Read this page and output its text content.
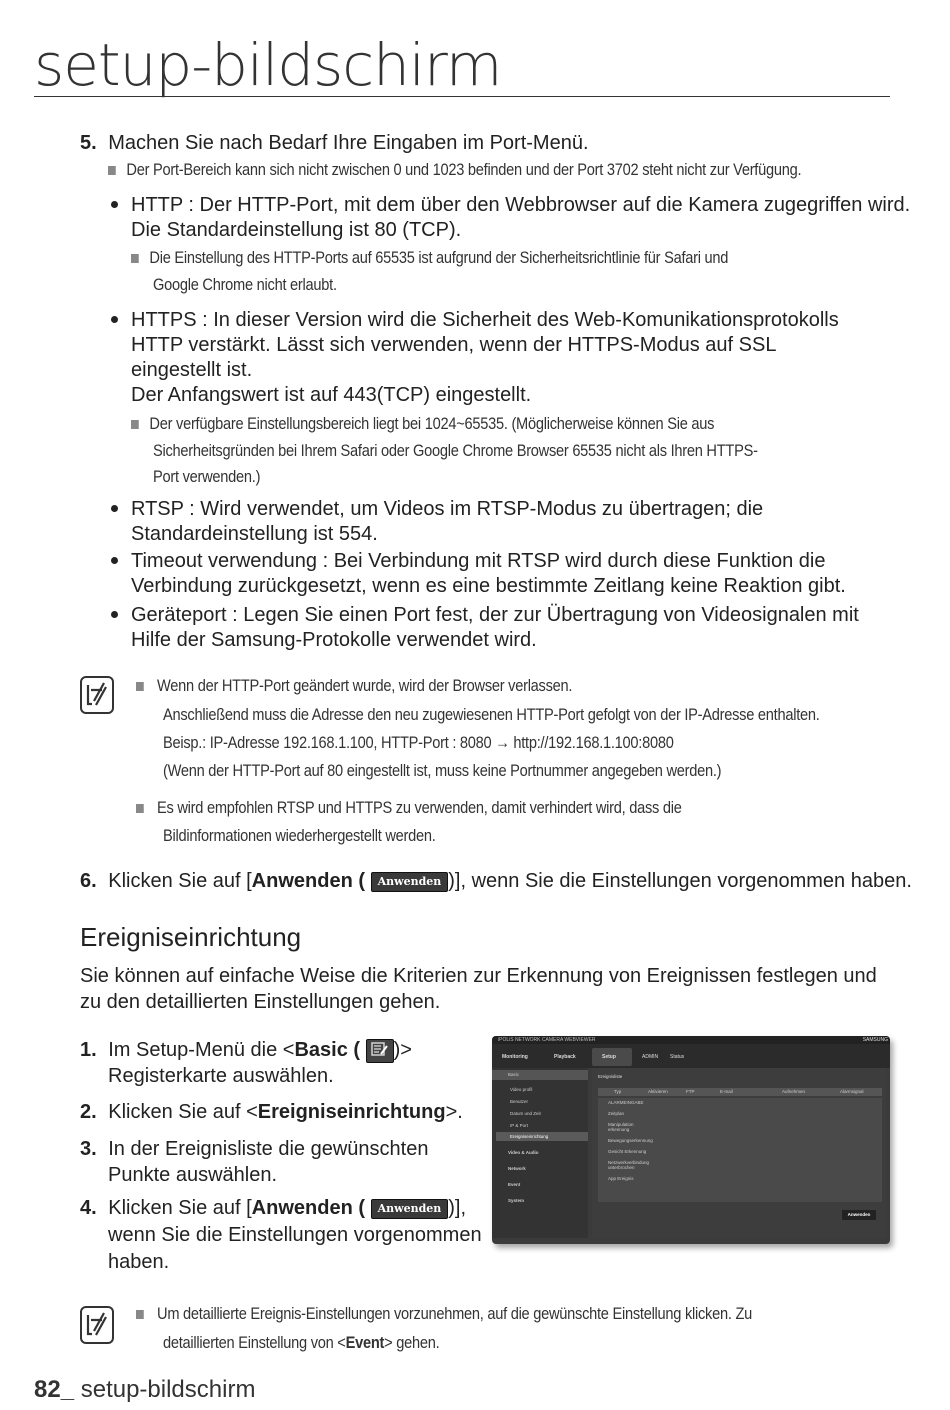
setup-bildschirm
5. Machen Sie nach Bedarf Ihre Eingaben im Port-Menü.
Der Port-Bereich kann sich nicht zwischen 0 und 1023 befinden und der Port 3702 steht nicht zur Verfügung.
HTTP : Der HTTP-Port, mit dem über den Webbrowser auf die Kamera zugegriffen wird.
Die Standardeinstellung ist 80 (TCP).
Die Einstellung des HTTP-Ports auf 65535 ist aufgrund der Sicherheitsrichtlinie für Safari und
Google Chrome nicht erlaubt.
HTTPS : In dieser Version wird die Sicherheit des Web-Komunikationsprotokolls
HTTP verstärkt. Lässt sich verwenden, wenn der HTTPS-Modus auf SSL
eingestellt ist.
Der Anfangswert ist auf 443(TCP) eingestellt.
Der verfügbare Einstellungsbereich liegt bei 1024~65535. (Möglicherweise können Sie aus
Sicherheitsgründen bei Ihrem Safari oder Google Chrome Browser 65535 nicht als Ihren HTTPS-
Port verwenden.)
RTSP : Wird verwendet, um Videos im RTSP-Modus zu übertragen; die
Standardeinstellung ist 554.
Timeout verwendung : Bei Verbindung mit RTSP wird durch diese Funktion die
Verbindung zurückgesetzt, wenn es eine bestimmte Zeitlang keine Reaktion gibt.
Geräteport : Legen Sie einen Port fest, der zur Übertragung von Videosignalen mit
Hilfe der Samsung-Protokolle verwendet wird.
Wenn der HTTP-Port geändert wurde, wird der Browser verlassen.
Anschließend muss die Adresse den neu zugewiesenen HTTP-Port gefolgt von der IP-Adresse enthalten.
Beisp.: IP-Adresse 192.168.1.100, HTTP-Port : 8080 → http://192.168.1.100:8080
(Wenn der HTTP-Port auf 80 eingestellt ist, muss keine Portnummer angegeben werden.)
Es wird empfohlen RTSP und HTTPS zu verwenden, damit verhindert wird, dass die
Bildinformationen wiederhergestellt werden.
6. Klicken Sie auf [Anwenden ( Anwenden )], wenn Sie die Einstellungen vorgenommen haben.
Ereigniseinrichtung
Sie können auf einfache Weise die Kriterien zur Erkennung von Ereignissen festlegen und
zu den detaillierten Einstellungen gehen.
1. Im Setup-Menü die <Basic ( )>
Registerkarte auswählen.
2. Klicken Sie auf <Ereigniseinrichtung>.
3. In der Ereignisliste die gewünschten
Punkte auswählen.
4. Klicken Sie auf [Anwenden ( Anwenden )],
wenn Sie die Einstellungen vorgenommen
haben.
iPOLiS NETWORK CAMERA WEBVIEWER	SAMSUNG
Monitoring	Playback	Setup	ADMIN Status
Basic
Video profil
Benutzer
Datum und Zeit
IP & Port
Ereigniseinrichtung
Video & Audio
Network
Event
System
Ereignisliste
Typ	Aktivieren	FTP	E-mail	Aufnehmen	Alarmsignal
ALARMEINGABE
Zeitplan
Manipulation erkennung
Bewegungserkennung
Gesicht Erkennung
Netzwerkverbindung unterbrochen
App Ereignis
Anwenden
Um detaillierte Ereignis-Einstellungen vorzunehmen, auf die gewünschte Einstellung klicken. Zu
detaillierten Einstellung von <Event> gehen.
82_ setup-bildschirm
